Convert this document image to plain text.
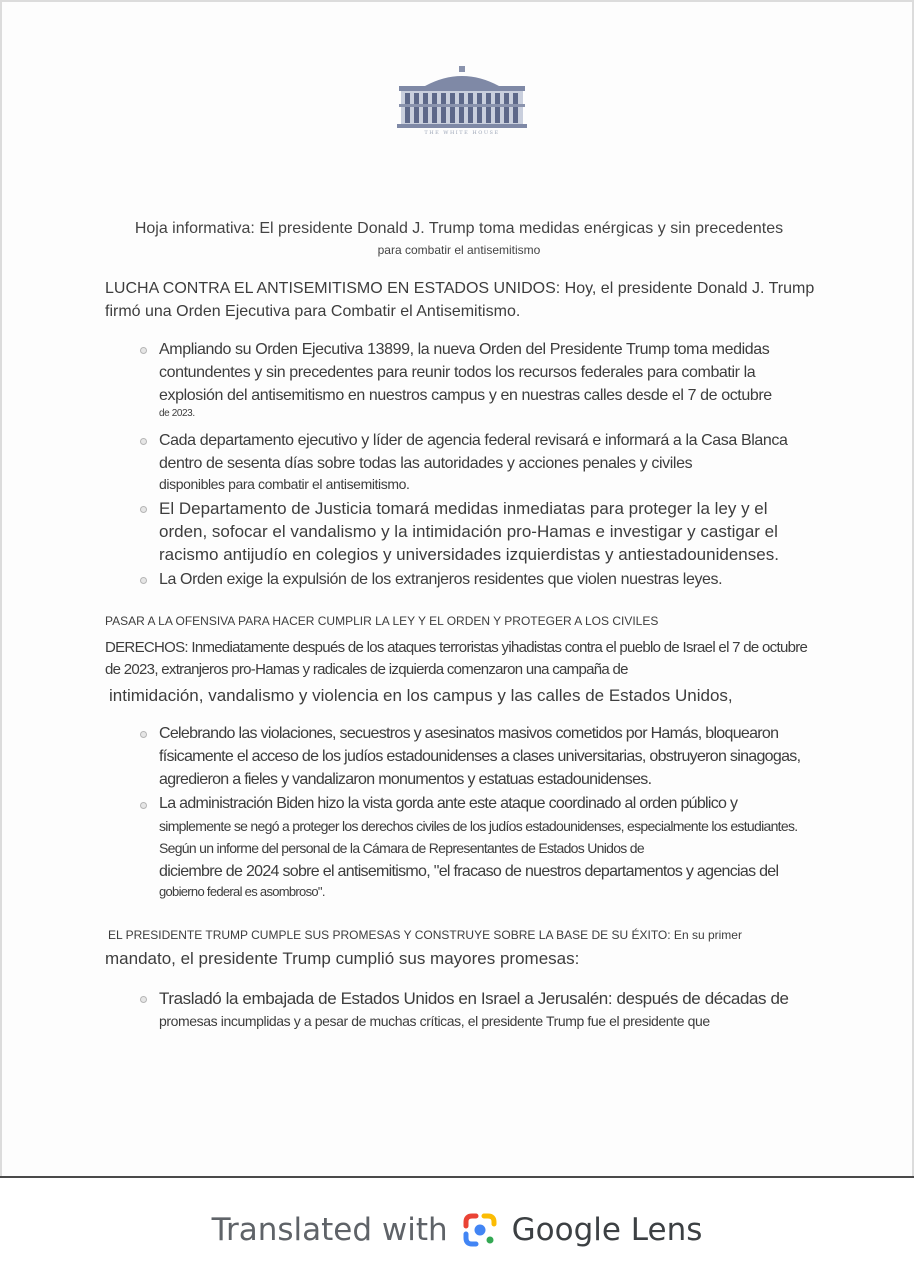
THE WHITE HOUSE
Hoja informativa: El presidente Donald J. Trump toma medidas enérgicas y sin precedentes
para combatir el antisemitismo

LUCHA CONTRA EL ANTISEMITISMO EN ESTADOS UNIDOS: Hoy, el presidente Donald J. Trump firmó una Orden Ejecutiva para Combatir el Antisemitismo.

Ampliando su Orden Ejecutiva 13899, la nueva Orden del Presidente Trump toma medidas contundentes y sin precedentes para reunir todos los recursos federales para combatir la explosión del antisemitismo en nuestros campus y en nuestras calles desde el 7 de octubre
de 2023.
Cada departamento ejecutivo y líder de agencia federal revisará e informará a la Casa Blanca dentro de sesenta días sobre todas las autoridades y acciones penales y civiles
disponibles para combatir el antisemitismo.
El Departamento de Justicia tomará medidas inmediatas para proteger la ley y el orden, sofocar el vandalismo y la intimidación pro-Hamas e investigar y castigar el racismo antijudío en colegios y universidades izquierdistas y antiestadounidenses.
La Orden exige la expulsión de los extranjeros residentes que violen nuestras leyes.
PASAR A LA OFENSIVA PARA HACER CUMPLIR LA LEY Y EL ORDEN Y PROTEGER A LOS CIVILES

DERECHOS: Inmediatamente después de los ataques terroristas yihadistas contra el pueblo de Israel el 7 de octubre de 2023, extranjeros pro-Hamas y radicales de izquierda comenzaron una campaña de

intimidación, vandalismo y violencia en los campus y las calles de Estados Unidos,

Celebrando las violaciones, secuestros y asesinatos masivos cometidos por Hamás, bloquearon físicamente el acceso de los judíos estadounidenses a clases universitarias, obstruyeron sinagogas, agredieron a fieles y vandalizaron monumentos y estatuas estadounidenses.
La administración Biden hizo la vista gorda ante este ataque coordinado al orden público y
simplemente se negó a proteger los derechos civiles de los judíos estadounidenses, especialmente los estudiantes. Según un informe del personal de la Cámara de Representantes de Estados Unidos de
diciembre de 2024 sobre el antisemitismo, "el fracaso de nuestros departamentos y agencias del
gobierno federal es asombroso".
EL PRESIDENTE TRUMP CUMPLE SUS PROMESAS Y CONSTRUYE SOBRE LA BASE DE SU ÉXITO: En su primer

mandato, el presidente Trump cumplió sus mayores promesas:

Trasladó la embajada de Estados Unidos en Israel a Jerusalén: después de décadas de
promesas incumplidas y a pesar de muchas críticas, el presidente Trump fue el presidente que
Translated with Google Lens
